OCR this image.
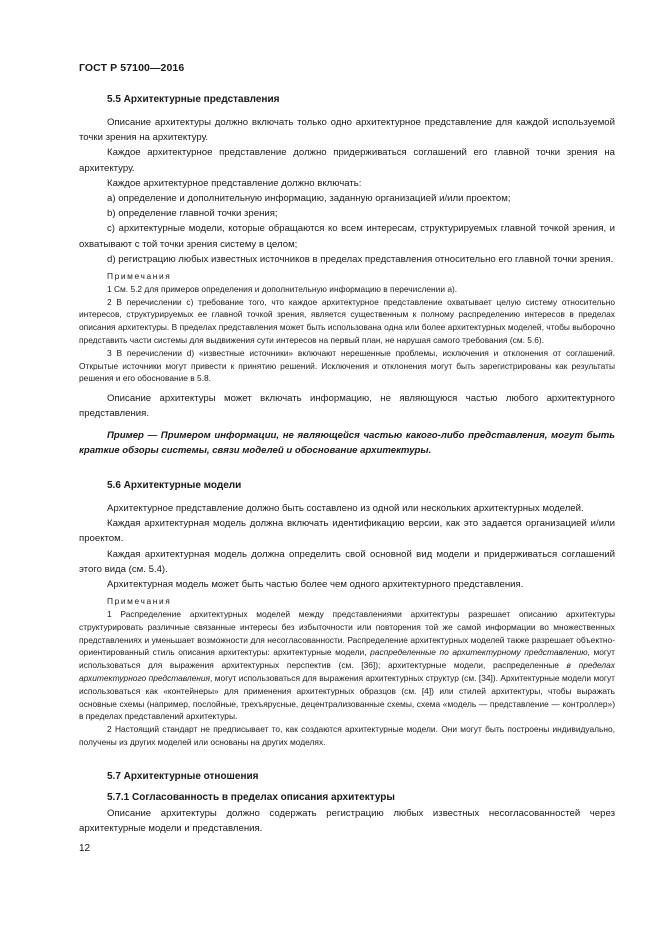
ГОСТ Р 57100—2016

5.5 Архитектурные представления

Описание архитектуры должно включать только одно архитектурное представление для каждой используемой точки зрения на архитектуру.

Каждое архитектурное представление должно придерживаться соглашений его главной точки зрения на архитектуру.

Каждое архитектурное представление должно включать:

a) определение и дополнительную информацию, заданную организацией и/или проектом;

b) определение главной точки зрения;

c) архитектурные модели, которые обращаются ко всем интересам, структурируемых главной точкой зрения, и охватывают с той точки зрения систему в целом;

d) регистрацию любых известных источников в пределах представления относительно его главной точки зрения.

Примечания

1 См. 5.2 для примеров определения и дополнительную информацию в перечислении a).

2 В перечислении c) требование того, что каждое архитектурное представление охватывает целую систему относительно интересов, структурируемых ее главной точкой зрения, является существенным к полному распределению интересов в пределах описания архитектуры. В пределах представления может быть использована одна или более архитектурных моделей, чтобы выборочно представить части системы для выдвижения сути интересов на первый план, не нарушая самого требования (см. 5.6).

3 В перечислении d) «известные источники» включают нерешенные проблемы, исключения и отклонения от соглашений. Открытые источники могут привести к принятию решений. Исключения и отклонения могут быть зарегистрированы как результаты решения и его обоснование в 5.8.

Описание архитектуры может включать информацию, не являющуюся частью любого архитектурного представления.

Пример — Примером информации, не являющейся частью какого-либо представления, могут быть краткие обзоры системы, связи моделей и обоснование архитектуры.

5.6 Архитектурные модели

Архитектурное представление должно быть составлено из одной или нескольких архитектурных моделей.

Каждая архитектурная модель должна включать идентификацию версии, как это задается организацией и/или проектом.

Каждая архитектурная модель должна определить свой основной вид модели и придерживаться соглашений этого вида (см. 5.4).

Архитектурная модель может быть частью более чем одного архитектурного представления.

Примечания

1 Распределение архитектурных моделей между представлениями архитектуры разрешает описанию архитектуры структурировать различные связанные интересы без избыточности или повторения той же самой информации во множественных представлениях и уменьшает возможности для несогласованности. Распределение архитектурных моделей также разрешает объектно-ориентированный стиль описания архитектуры: архитектурные модели, распределенные по архитектурному представлению, могут использоваться для выражения архитектурных перспектив (см. [36]); архитектурные модели, распределенные в пределах архитектурного представления, могут использоваться для выражения архитектурных структур (см. [34]). Архитектурные модели могут использоваться как «контейнеры» для применения архитектурных образцов (см. [4]) или стилей архитектуры, чтобы выражать основные схемы (например, послойные, трехъярусные, децентрализованные схемы, схема «модель — представление — контроллер») в пределах представлений архитектуры.

2 Настоящий стандарт не предписывает то, как создаются архитектурные модели. Они могут быть построены индивидуально, получены из других моделей или основаны на других моделях.

5.7 Архитектурные отношения

5.7.1 Согласованность в пределах описания архитектуры

Описание архитектуры должно содержать регистрацию любых известных несогласованностей через архитектурные модели и представления.

12
